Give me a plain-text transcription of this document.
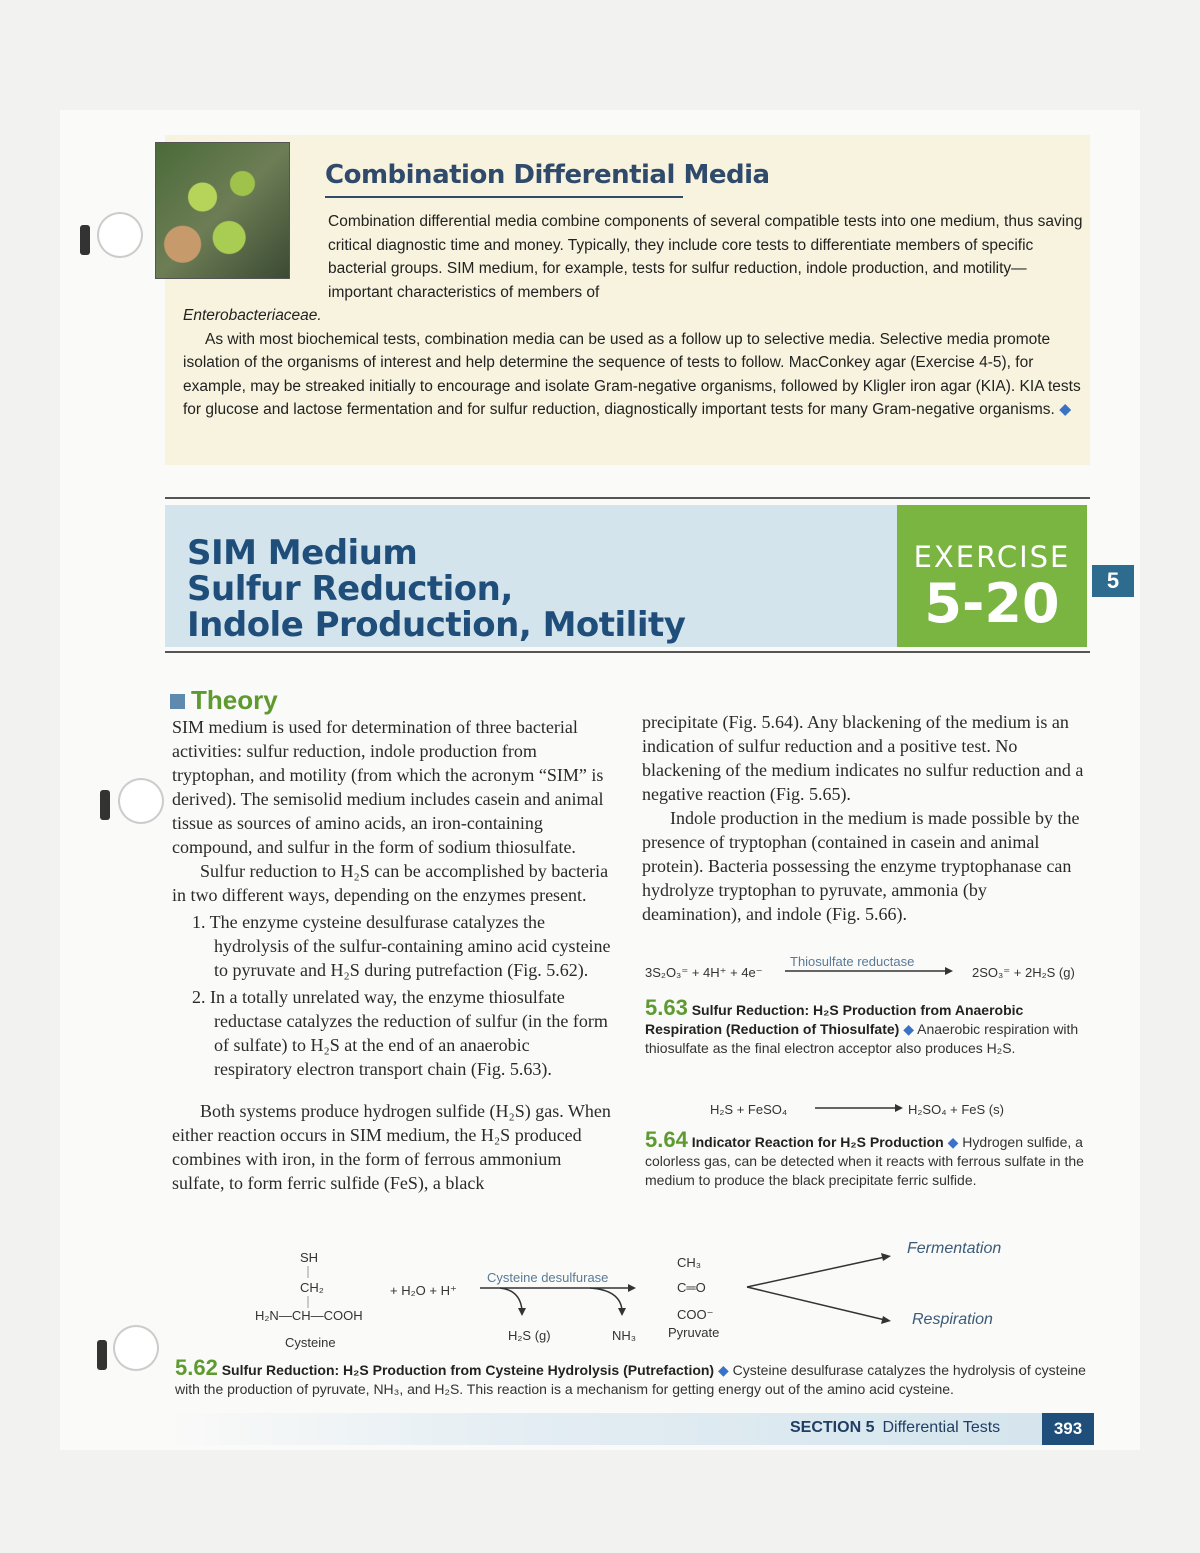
Combination Differential Media

Combination differential media combine components of several compatible tests into one medium, thus saving critical diagnostic time and money. Typically, they include core tests to differentiate members of specific bacterial groups. SIM medium, for example, tests for sulfur reduction, indole production, and motility—important characteristics of members of

Enterobacteriaceae.

As with most biochemical tests, combination media can be used as a follow up to selective media. Selective media promote isolation of the organisms of interest and help determine the sequence of tests to follow. MacConkey agar (Exercise 4-5), for example, may be streaked initially to encourage and isolate Gram-negative organisms, followed by Kligler iron agar (KIA). KIA tests for glucose and lactose fermentation and for sulfur reduction, diagnostically important tests for many Gram-negative organisms. ◆

SIM Medium
Sulfur Reduction,
Indole Production, Motility
EXERCISE
5-20	5
Theory

SIM medium is used for determination of three bacterial activities: sulfur reduction, indole production from tryptophan, and motility (from which the acronym “SIM” is derived). The semisolid medium includes casein and animal tissue as sources of amino acids, an iron-containing compound, and sulfur in the form of sodium thiosulfate.

Sulfur reduction to H₂S can be accomplished by bacteria in two different ways, depending on the enzymes present.

1. The enzyme cysteine desulfurase catalyzes the hydrolysis of the sulfur-containing amino acid cysteine to pyruvate and H₂S during putrefaction (Fig. 5.62).

2. In a totally unrelated way, the enzyme thiosulfate reductase catalyzes the reduction of sulfur (in the form of sulfate) to H₂S at the end of an anaerobic respiratory electron transport chain (Fig. 5.63).

Both systems produce hydrogen sulfide (H₂S) gas. When either reaction occurs in SIM medium, the H₂S produced combines with iron, in the form of ferrous ammonium sulfate, to form ferric sulfide (FeS), a black

precipitate (Fig. 5.64). Any blackening of the medium is an indication of sulfur reduction and a positive test. No blackening of the medium indicates no sulfur reduction and a negative reaction (Fig. 5.65).

Indole production in the medium is made possible by the presence of tryptophan (contained in casein and animal protein). Bacteria possessing the enzyme tryptophanase can hydrolyze tryptophan to pyruvate, ammonia (by deamination), and indole (Fig. 5.66).

3S₂O₃⁼ + 4H⁺ + 4e⁻
Thiosulfate reductase
2SO₃⁼ + 2H₂S (g)
5.63 Sulfur Reduction: H₂S Production from Anaerobic Respiration (Reduction of Thiosulfate) ◆ Anaerobic respiration with thiosulfate as the final electron acceptor also produces H₂S.
H₂S + FeSO₄	H₂SO₄ + FeS (s)
5.64 Indicator Reaction for H₂S Production ◆ Hydrogen sulfide, a colorless gas, can be detected when it reacts with ferrous sulfate in the medium to produce the black precipitate ferric sulfide.
SH
CH₂
H₂N—CH—COOH
Cysteine
+ H₂O + H⁺
Cysteine desulfurase
H₂S (g)	NH₃
CH₃
C═O
COO⁻
Pyruvate
Fermentation
Respiration
5.62 Sulfur Reduction: H₂S Production from Cysteine Hydrolysis (Putrefaction) ◆ Cysteine desulfurase catalyzes the hydrolysis of cysteine with the production of pyruvate, NH₃, and H₂S. This reaction is a mechanism for getting energy out of the amino acid cysteine.
SECTION 5 Differential Tests	393
